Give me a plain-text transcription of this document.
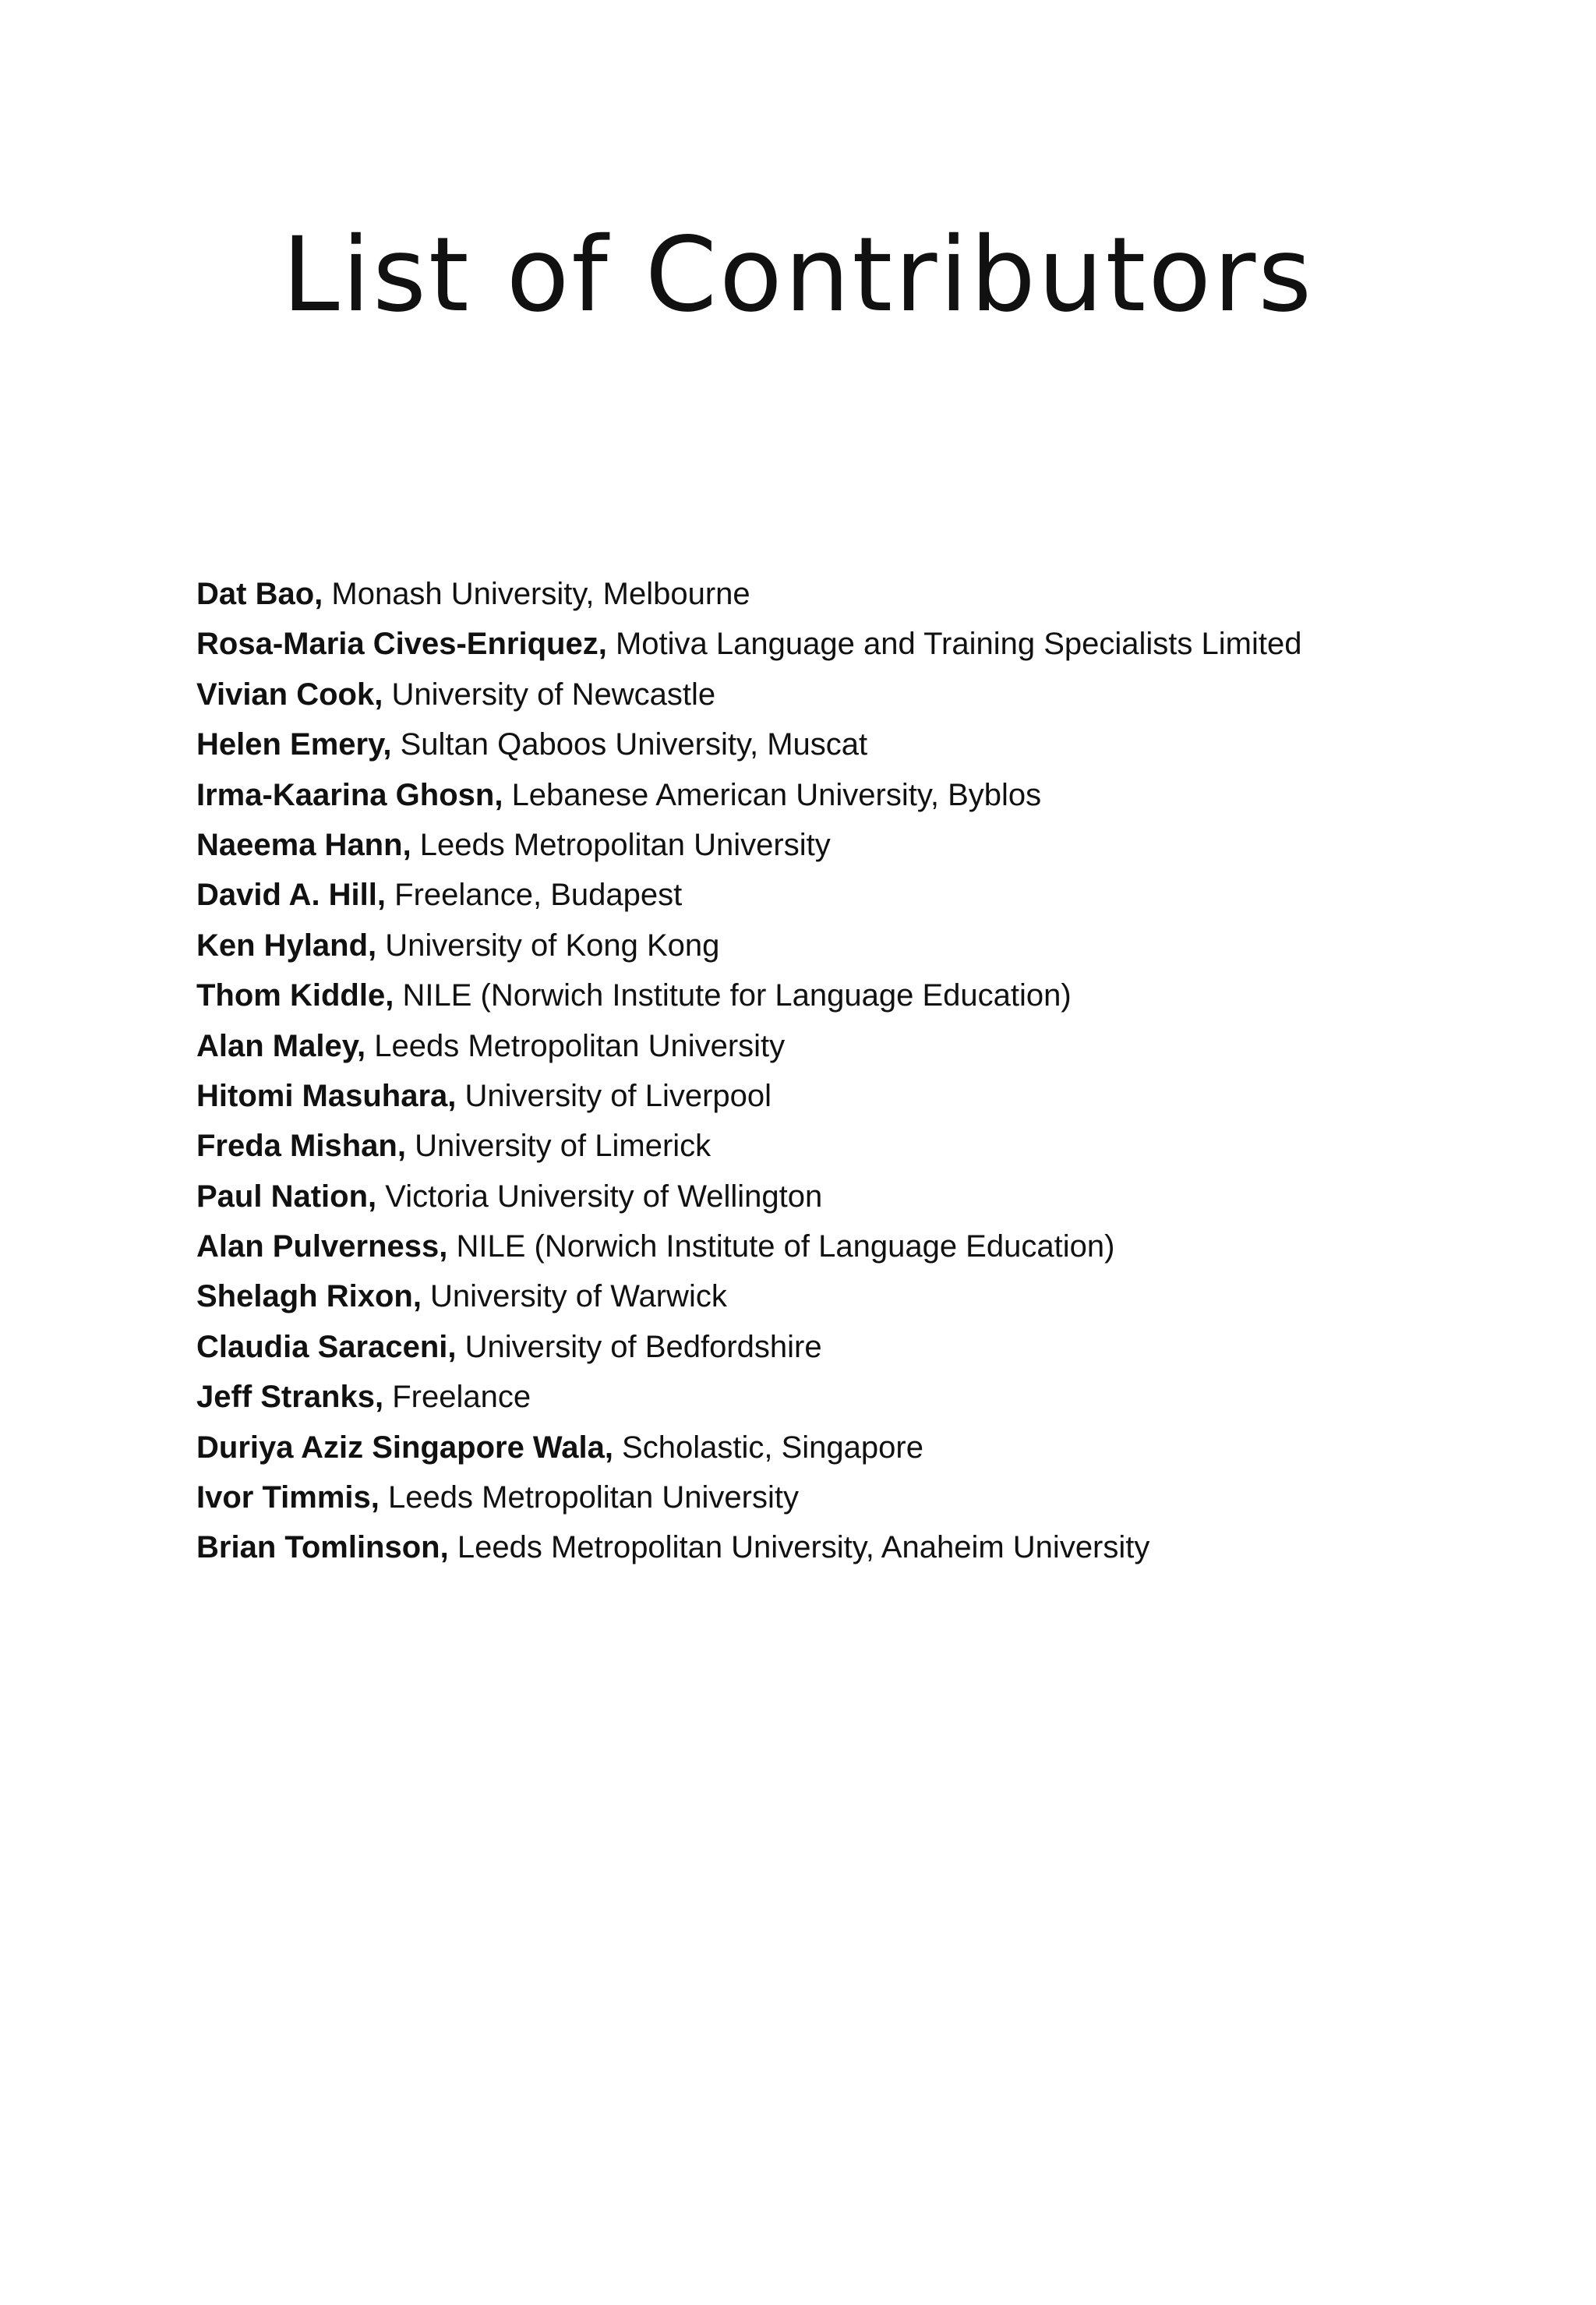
List of Contributors
Dat Bao, Monash University, Melbourne
Rosa-Maria Cives-Enriquez, Motiva Language and Training Specialists Limited
Vivian Cook, University of Newcastle
Helen Emery, Sultan Qaboos University, Muscat
Irma-Kaarina Ghosn, Lebanese American University, Byblos
Naeema Hann, Leeds Metropolitan University
David A. Hill, Freelance, Budapest
Ken Hyland, University of Kong Kong
Thom Kiddle, NILE (Norwich Institute for Language Education)
Alan Maley, Leeds Metropolitan University
Hitomi Masuhara, University of Liverpool
Freda Mishan, University of Limerick
Paul Nation, Victoria University of Wellington
Alan Pulverness, NILE (Norwich Institute of Language Education)
Shelagh Rixon, University of Warwick
Claudia Saraceni, University of Bedfordshire
Jeff Stranks, Freelance
Duriya Aziz Singapore Wala, Scholastic, Singapore
Ivor Timmis, Leeds Metropolitan University
Brian Tomlinson, Leeds Metropolitan University, Anaheim University
